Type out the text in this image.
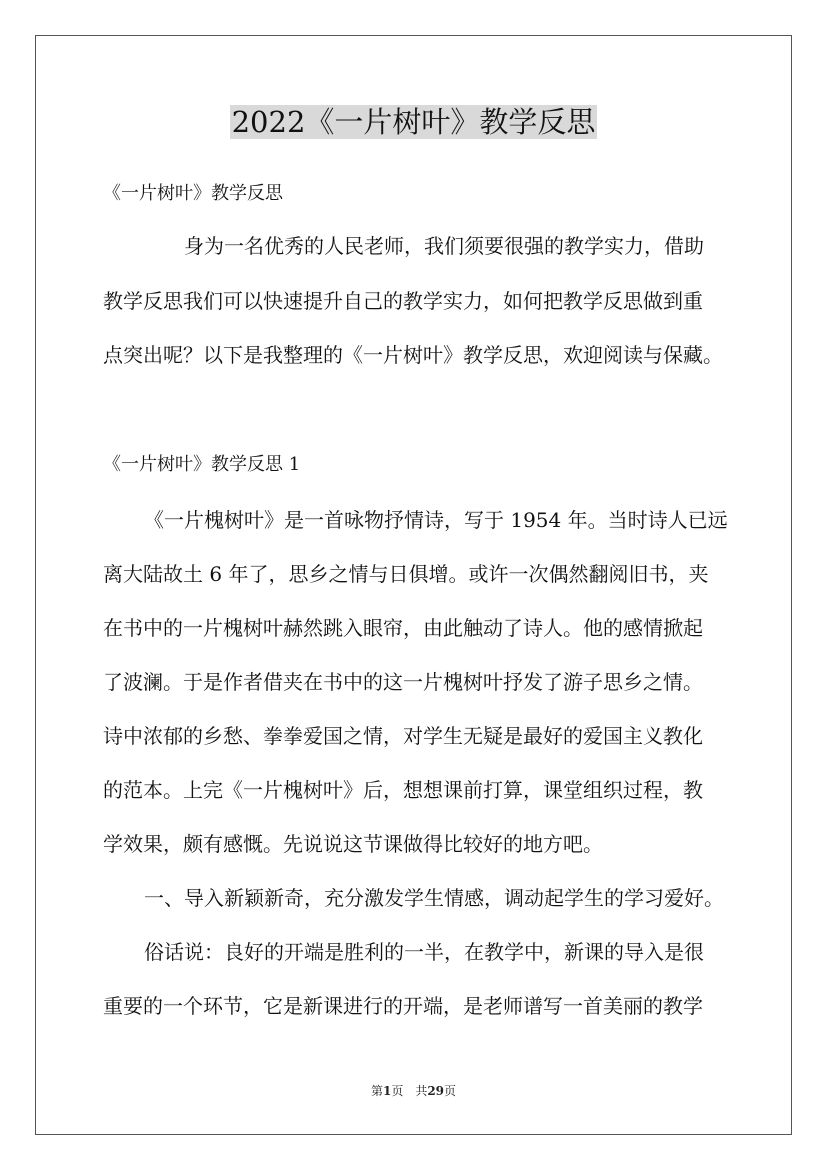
2022《一片树叶》教学反思
《一片树叶》教学反思
身为一名优秀的人民老师，我们须要很强的教学实力，借助
教学反思我们可以快速提升自己的教学实力，如何把教学反思做到重
点突出呢？以下是我整理的《一片树叶》教学反思，欢迎阅读与保藏。
《一片树叶》教学反思 1
《一片槐树叶》是一首咏物抒情诗，写于 1954 年。当时诗人已远
离大陆故土 6 年了，思乡之情与日俱增。或许一次偶然翻阅旧书，夹
在书中的一片槐树叶赫然跳入眼帘，由此触动了诗人。他的感情掀起
了波澜。于是作者借夹在书中的这一片槐树叶抒发了游子思乡之情。
诗中浓郁的乡愁、拳拳爱国之情，对学生无疑是最好的爱国主义教化
的范本。上完《一片槐树叶》后，想想课前打算，课堂组织过程，教
学效果，颇有感慨。先说说这节课做得比较好的地方吧。
一、导入新颖新奇，充分激发学生情感，调动起学生的学习爱好。
俗话说：良好的开端是胜利的一半，在教学中，新课的导入是很
重要的一个环节，它是新课进行的开端，是老师谱写一首美丽的教学
第1页　共29页
